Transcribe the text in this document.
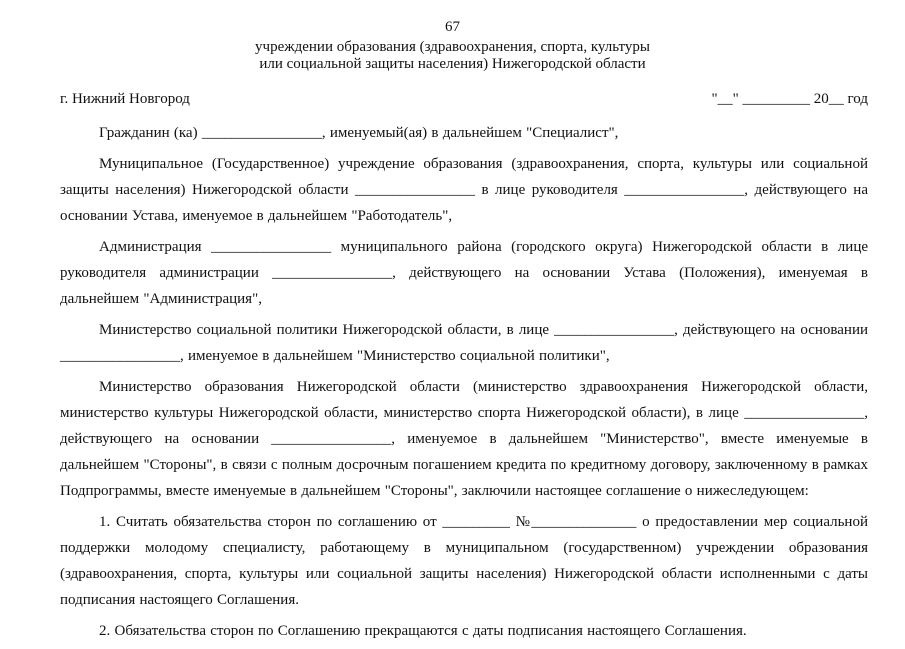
67
учреждении образования (здравоохранения, спорта, культуры
или социальной защиты населения) Нижегородской области
г. Нижний Новгород	"__" _________ 20__ год

Гражданин (ка) ________________, именуемый(ая) в дальнейшем "Специалист",

Муниципальное (Государственное) учреждение образования (здравоохранения, спорта, культуры или социальной защиты населения) Нижегородской области ________________ в лице руководителя ________________, действующего на основании Устава, именуемое в дальнейшем "Работодатель",

Администрация ________________ муниципального района (городского округа) Нижегородской области в лице руководителя администрации ________________, действующего на основании Устава (Положения), именуемая в дальнейшем "Администрация",

Министерство социальной политики Нижегородской области, в лице ________________, действующего на основании ________________, именуемое в дальнейшем "Министерство социальной политики",

Министерство образования Нижегородской области (министерство здравоохранения Нижегородской области, министерство культуры Нижегородской области, министерство спорта Нижегородской области), в лице ________________, действующего на основании ________________, именуемое в дальнейшем "Министерство", вместе именуемые в дальнейшем "Стороны", в связи с полным досрочным погашением кредита по кредитному договору, заключенному в рамках Подпрограммы, вместе именуемые в дальнейшем "Стороны", заключили настоящее соглашение о нижеследующем:

1. Считать обязательства сторон по соглашению от _________ №______________ о предоставлении мер социальной поддержки молодому специалисту, работающему в муниципальном (государственном) учреждении образования (здравоохранения, спорта, культуры или социальной защиты населения) Нижегородской области исполненными с даты подписания настоящего Соглашения.

2. Обязательства сторон по Соглашению прекращаются с даты подписания настоящего Соглашения.
